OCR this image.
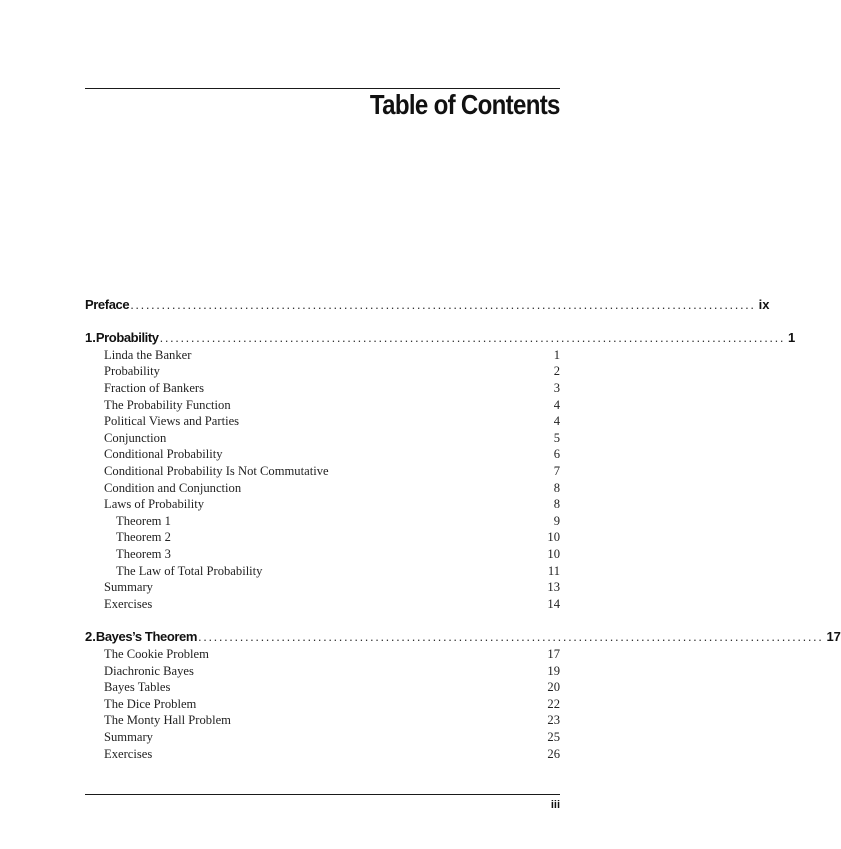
Table of Contents
Preface ........................................................................................................................ ix
1. Probability ........................................................................................................................ 1
Linda the Banker	1
Probability	2
Fraction of Bankers	3
The Probability Function	4
Political Views and Parties	4
Conjunction	5
Conditional Probability	6
Conditional Probability Is Not Commutative	7
Condition and Conjunction	8
Laws of Probability	8
Theorem 1	9
Theorem 2	10
Theorem 3	10
The Law of Total Probability	11
Summary	13
Exercises	14
2. Bayes’s Theorem ........................................................................................................................ 17
The Cookie Problem	17
Diachronic Bayes	19
Bayes Tables	20
The Dice Problem	22
The Monty Hall Problem	23
Summary	25
Exercises	26
iii
